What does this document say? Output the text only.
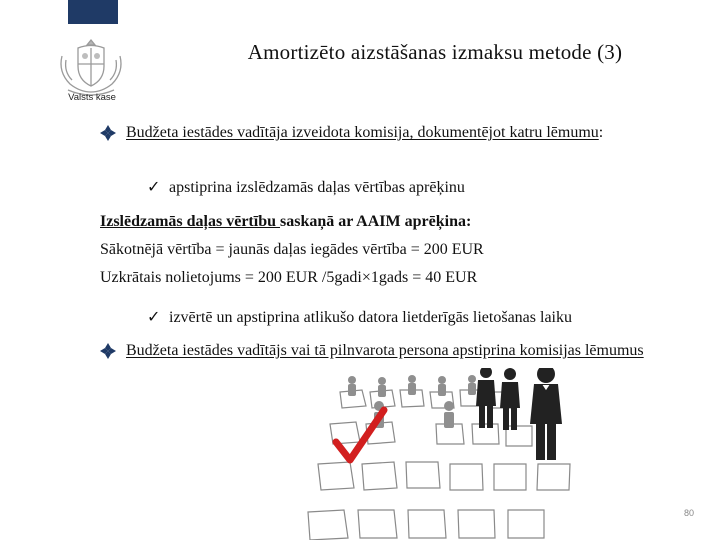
Valsts kase
Amortizēto aizstāšanas izmaksu metode (3)
Budžeta iestādes vadītāja izveidota komisija, dokumentējot katru lēmumu:
✓ apstiprina izslēdzamās daļas vērtības aprēķinu
Izslēdzamās daļas vērtību saskaņā ar AAIM aprēķina:
Sākotnējā vērtība = jaunās daļas iegādes vērtība = 200 EUR
Uzkrātais nolietojums = 200 EUR /5gadi×1gads = 40 EUR
✓ izvērtē un apstiprina atlikušo datora lietderīgās lietošanas laiku
Budžeta iestādes vadītājs vai tā pilnvarota persona apstiprina komisijas lēmumus
80
